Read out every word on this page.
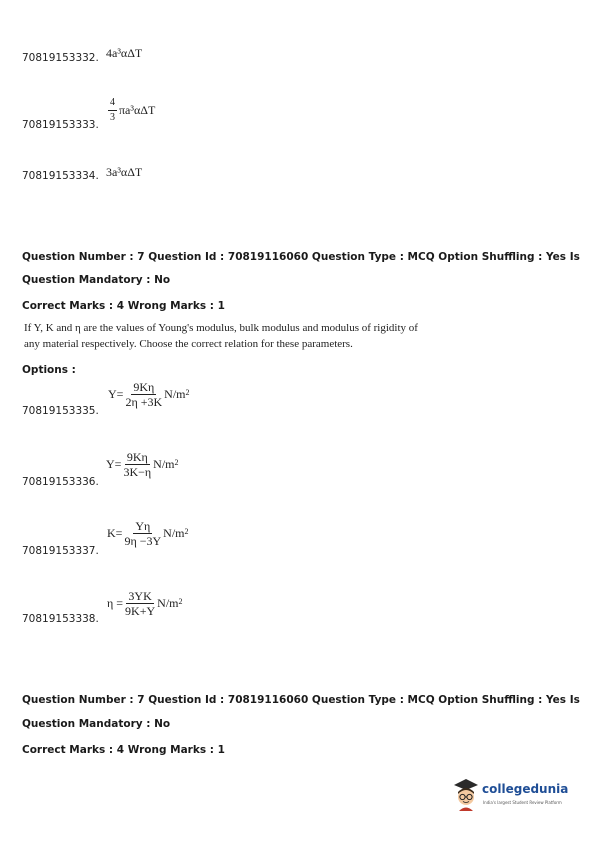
70819153332. 4a³αΔT
70819153333.
$\frac{4}{3} \pi a^3\alpha\Delta T$
70819153334. 3a³αΔT
Question Number : 7 Question Id : 70819116060 Question Type : MCQ Option Shuffling : Yes Is
Question Mandatory : No
Correct Marks : 4 Wrong Marks : 1
If Y, K and η are the values of Young's modulus, bulk modulus and modulus of rigidity of
any material respectively. Choose the correct relation for these parameters.
Options :
70819153335.
$Y= \frac{9K\eta}{2\eta +3K} N/m^2$
70819153336.
$Y= \frac{9K\eta}{3K-\eta} N/m^2$
70819153337.
$K= \frac{Y\eta}{9\eta -3Y} N/m^2$
70819153338.
$\eta = \frac{3YK}{9K+Y} N/m^2$
Question Number : 7 Question Id : 70819116060 Question Type : MCQ Option Shuffling : Yes Is
Question Mandatory : No
Correct Marks : 4 Wrong Marks : 1
collegedunia
India's largest Student Review Platform
